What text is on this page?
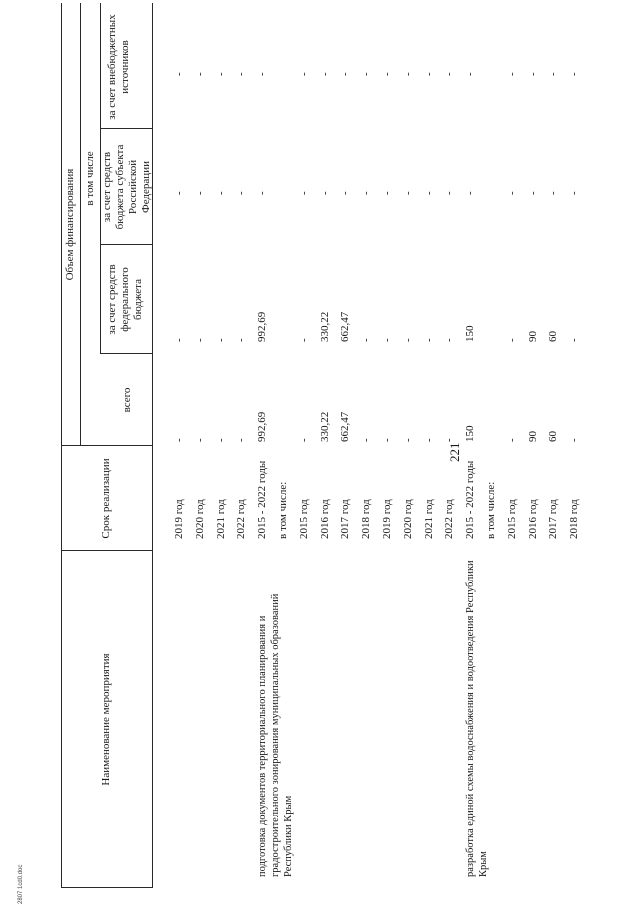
221
2807 1сd0.doc
Наименование мероприятия
Срок реализации
Объем финансирования в том числе
всего
за счет средств федерального бюджета
за счет средств бюджета субъекта Российской Федерации
за счет внебюджетных источников
2019 год
-
-
-
-
2020 год
-
-
-
-
2021 год
-
-
-
-
2022 год
-
-
-
-
подготовка документов территориального планирования и градостроительного зонирования муниципальных образований Республики Крым
2015 - 2022 годы
992,69
992,69
-
-
в том числе: 2015 год
-
-
-
-
2016 год
330,22
330,22
-
-
2017 год
662,47
662,47
-
-
2018 год
-
-
-
-
2019 год
-
-
-
-
2020 год
-
-
-
-
2021 год
-
-
-
-
2022 год
-
-
-
-
разработка единой схемы водоснабжения и водоотведения Республики Крым
2015 - 2022 годы
150
150
-
-
в том числе: 2015 год
-
-
-
-
2016 год
90
90
-
-
2017 год
60
60
-
-
2018 год
-
-
-
-
